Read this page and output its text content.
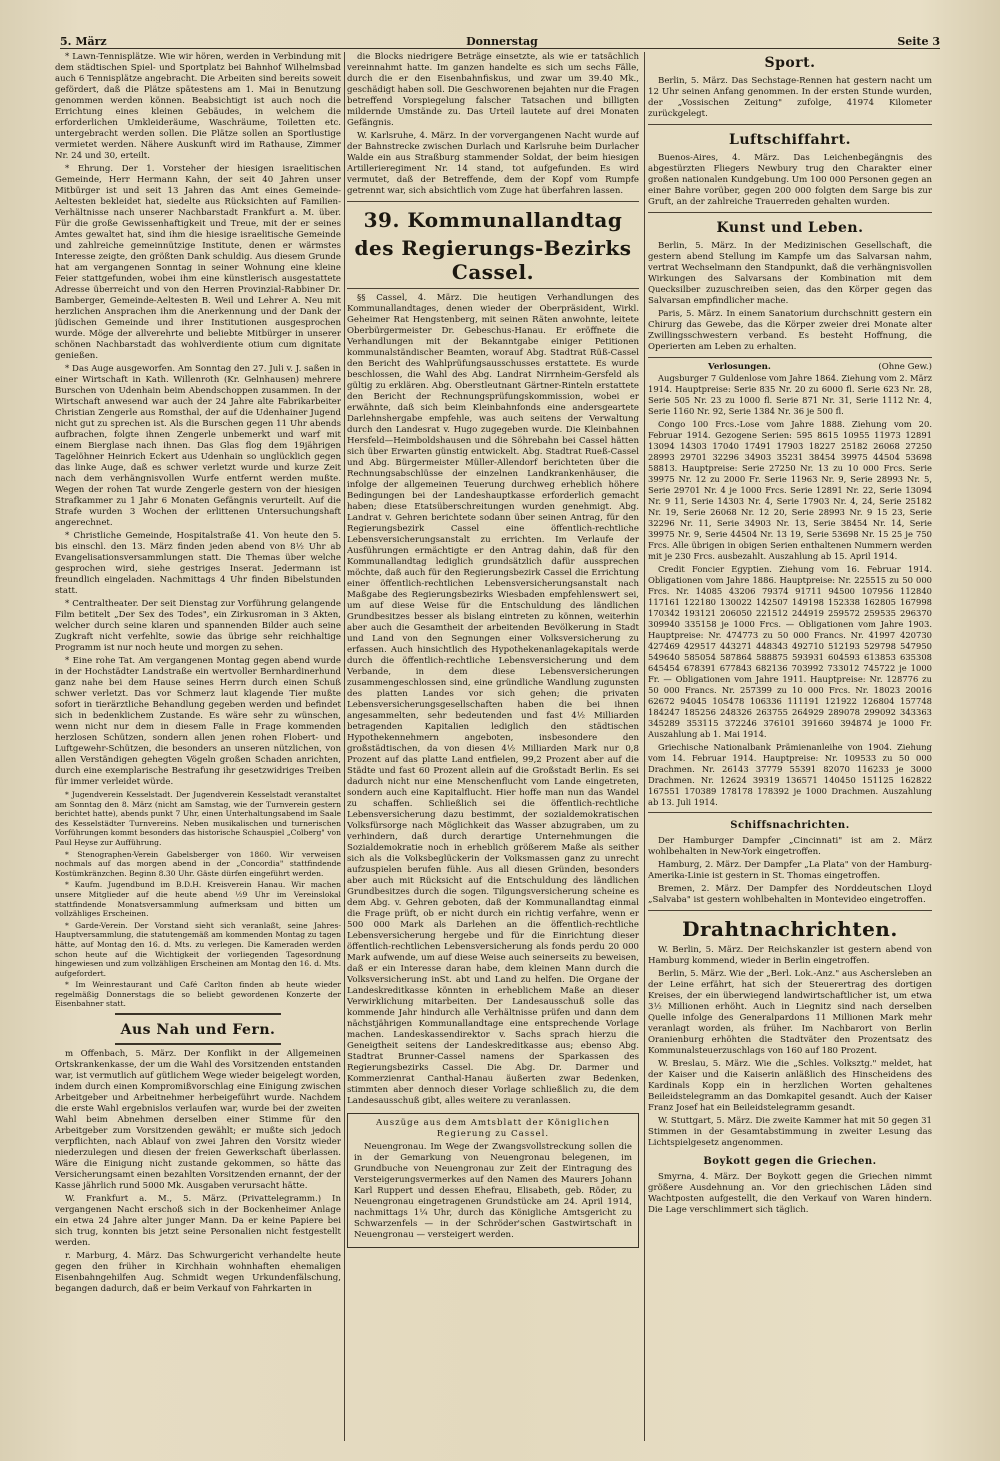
5. März	Donnerstag	Seite 3

* Lawn-Tennisplätze. Wie wir hören, werden in Verbindung mit dem städtischen Spiel- und Sportplatz bei Bahnhof Wilhelmsbad auch 6 Tennisplätze angebracht. Die Arbeiten sind bereits soweit gefördert, daß die Plätze spätestens am 1. Mai in Benutzung genommen werden können. Beabsichtigt ist auch noch die Errichtung eines kleinen Gebäudes, in welchem die erforderlichen Umkleideräume, Waschräume, Toiletten etc. untergebracht werden sollen. Die Plätze sollen an Sportlustige vermietet werden. Nähere Auskunft wird im Rathause, Zimmer Nr. 24 und 30, erteilt.

* Ehrung. Der 1. Vorsteher der hiesigen israelitischen Gemeinde, Herr Hermann Kahn, der seit 40 Jahren unser Mitbürger ist und seit 13 Jahren das Amt eines Gemeinde-Aeltesten bekleidet hat, siedelte aus Rücksichten auf Familien-Verhältnisse nach unserer Nachbarstadt Frankfurt a. M. über. Für die große Gewissenhaftigkeit und Treue, mit der er seines Amtes gewaltet hat, sind ihm die hiesige israelitische Gemeinde und zahlreiche gemeinnützige Institute, denen er wärmstes Interesse zeigte, den größten Dank schuldig. Aus diesem Grunde hat am vergangenen Sonntag in seiner Wohnung eine kleine Feier stattgefunden, wobei ihm eine künstlerisch ausgestattete Adresse überreicht und von den Herren Provinzial-Rabbiner Dr. Bamberger, Gemeinde-Aeltesten B. Weil und Lehrer A. Neu mit herzlichen Ansprachen ihm die Anerkennung und der Dank der jüdischen Gemeinde und ihrer Institutionen ausgesprochen wurde. Möge der allverehrte und beliebte Mitbürger in unserer schönen Nachbarstadt das wohlverdiente otium cum dignitate genießen.

* Das Auge ausgeworfen. Am Sonntag den 27. Juli v. J. saßen in einer Wirtschaft in Kath. Willenroth (Kr. Gelnhausen) mehrere Burschen von Udenhain beim Abendschoppen zusammen. In der Wirtschaft anwesend war auch der 24 Jahre alte Fabrikarbeiter Christian Zengerle aus Romsthal, der auf die Udenhainer Jugend nicht gut zu sprechen ist. Als die Burschen gegen 11 Uhr abends aufbrachen, folgte ihnen Zengerle unbemerkt und warf mit einem Bierglase nach ihnen. Das Glas flog dem 19jährigen Tagelöhner Heinrich Eckert aus Udenhain so unglücklich gegen das linke Auge, daß es schwer verletzt wurde und kurze Zeit nach dem verhängnisvollen Wurfe entfernt werden mußte. Wegen der rohen Tat wurde Zengerle gestern von der hiesigen Strafkammer zu 1 Jahr 6 Monaten Gefängnis verurteilt. Auf die Strafe wurden 3 Wochen der erlittenen Untersuchungshaft angerechnet.

* Christliche Gemeinde, Hospitalstraße 41. Von heute den 5. bis einschl. den 13. März finden jeden abend von 8½ Uhr ab Evangelisationsversammlungen statt. Die Themas über welche gesprochen wird, siehe gestriges Inserat. Jedermann ist freundlich eingeladen. Nachmittags 4 Uhr finden Bibelstunden statt.

* Centraltheater. Der seit Dienstag zur Vorführung gelangende Film betitelt „Der Sex des Todes", ein Zirkusroman in 3 Akten, welcher durch seine klaren und spannenden Bilder auch seine Zugkraft nicht verfehlte, sowie das übrige sehr reichhaltige Programm ist nur noch heute und morgen zu sehen.

* Eine rohe Tat. Am vergangenen Montag gegen abend wurde in der Hochstädter Landstraße ein wertvoller Bernhardinerhund ganz nahe bei dem Hause seines Herrn durch einen Schuß schwer verletzt. Das vor Schmerz laut klagende Tier mußte sofort in tierärztliche Behandlung gegeben werden und befindet sich in bedenklichem Zustande. Es wäre sehr zu wünschen, wenn nicht nur dem in diesem Falle in Frage kommenden herzlosen Schützen, sondern allen jenen rohen Flobert- und Luftgewehr-Schützen, die besonders an unseren nützlichen, von allen Verständigen gehegten Vögeln großen Schaden anrichten, durch eine exemplarische Bestrafung ihr gesetzwidriges Treiben für immer verleidet würde.

* Jugendverein Kesselstadt. Der Jugendverein Kesselstadt veranstaltet am Sonntag den 8. März (nicht am Samstag, wie der Turnverein gestern berichtet hatte), abends punkt 7 Uhr, einen Unterhaltungsabend im Saale des Kesselstädter Turnvereins. Neben musikalischen und turnerischen Vorführungen kommt besonders das historische Schauspiel „Colberg" von Paul Heyse zur Aufführung.

* Stenographen-Verein Gabelsberger von 1860. Wir verweisen nochmals auf das morgen abend in der „Concordia" stattfindende Kostümkränzchen. Beginn 8.30 Uhr. Gäste dürfen eingeführt werden.

* Kaufm. Jugendbund im B.D.H. Kreisverein Hanau. Wir machen unsere Mitglieder auf die heute abend ½9 Uhr im Vereinslokal stattfindende Monatsversammlung aufmerksam und bitten um vollzähliges Erscheinen.

* Garde-Verein. Der Vorstand sieht sich veranlaßt, seine Jahres-Hauptversammlung, die statutengemäß am kommenden Montag zu tagen hätte, auf Montag den 16. d. Mts. zu verlegen. Die Kameraden werden schon heute auf die Wichtigkeit der vorliegenden Tagesordnung hingewiesen und zum vollzähligen Erscheinen am Montag den 16. d. Mts. aufgefordert.

* Im Weinrestaurant und Café Carlton finden ab heute wieder regelmäßig Donnerstags die so beliebt gewordenen Konzerte der Eisenbahner statt.

Aus Nah und Fern.

m Offenbach, 5. März. Der Konflikt in der Allgemeinen Ortskrankenkasse, der um die Wahl des Vorsitzenden entstanden war, ist vermutlich auf gütlichem Wege wieder beigelegt worden, indem durch einen Kompromißvorschlag eine Einigung zwischen Arbeitgeber und Arbeitnehmer herbeigeführt wurde. Nachdem die erste Wahl ergebnislos verlaufen war, wurde bei der zweiten Wahl beim Abnehmen derselben einer Stimme für den Arbeitgeber zum Vorsitzenden gewählt; er mußte sich jedoch verpflichten, nach Ablauf von zwei Jahren den Vorsitz wieder niederzulegen und diesen der freien Gewerkschaft überlassen. Wäre die Einigung nicht zustande gekommen, so hätte das Versicherungsamt einen bezahlten Vorsitzenden ernannt, der der Kasse jährlich rund 5000 Mk. Ausgaben verursacht hätte.

W. Frankfurt a. M., 5. März. (Privattelegramm.) In vergangenen Nacht erschoß sich in der Bockenheimer Anlage ein etwa 24 Jahre alter junger Mann. Da er keine Papiere bei sich trug, konnten bis jetzt seine Personalien nicht festgestellt werden.

r. Marburg, 4. März. Das Schwurgericht verhandelte heute gegen den früher in Kirchhain wohnhaften ehemaligen Eisenbahngehilfen Aug. Schmidt wegen Urkundenfälschung, begangen dadurch, daß er beim Verkauf von Fahrkarten in

die Blocks niedrigere Beträge einsetzte, als wie er tatsächlich vereinnahmt hatte. Im ganzen handelte es sich um sechs Fälle, durch die er den Eisenbahnfiskus, und zwar um 39.40 Mk., geschädigt haben soll. Die Geschworenen bejahten nur die Fragen betreffend Vorspiegelung falscher Tatsachen und billigten mildernde Umstände zu. Das Urteil lautete auf drei Monaten Gefängnis.

W. Karlsruhe, 4. März. In der vorvergangenen Nacht wurde auf der Bahnstrecke zwischen Durlach und Karlsruhe beim Durlacher Walde ein aus Straßburg stammender Soldat, der beim hiesigen Artillerieregiment Nr. 14 stand, tot aufgefunden. Es wird vermutet, daß der Betreffende, dem der Kopf vom Rumpfe getrennt war, sich absichtlich vom Zuge hat überfahren lassen.

39. Kommunallandtag
des Regierungs-Bezirks Cassel.

§§ Cassel, 4. März. Die heutigen Verhandlungen des Kommunallandtages, denen wieder der Oberpräsident, Wirkl. Geheimer Rat Hengstenberg, mit seinen Räten anwohnte, leitete Oberbürgermeister Dr. Gebeschus-Hanau. Er eröffnete die Verhandlungen mit der Bekanntgabe einiger Petitionen kommunalständischer Beamten, worauf Abg. Stadtrat Rüß-Cassel den Bericht des Wahlprüfungsausschusses erstattete. Es wurde beschlossen, die Wahl des Abg. Landrat Nirrnheim-Gersfeld als gültig zu erklären. Abg. Oberstleutnant Gärtner-Rinteln erstattete den Bericht der Rechnungsprüfungskommission, wobei er erwähnte, daß sich beim Kleinbahnfonds eine andersgeartete Darlehnshergabe empfehle, was auch seitens der Verwaltung durch den Landesrat v. Hugo zugegeben wurde. Die Kleinbahnen Hersfeld—Heimboldshausen und die Söhrebahn bei Cassel hätten sich über Erwarten günstig entwickelt. Abg. Stadtrat Rueß-Cassel und Abg. Bürgermeister Müller-Allendorf berichteten über die Rechnungsabschlüsse der einzelnen Landkrankenhäuser, die infolge der allgemeinen Teuerung durchweg erheblich höhere Bedingungen bei der Landeshauptkasse erforderlich gemacht haben; diese Etatsüberschreitungen wurden genehmigt. Abg. Landrat v. Gehren berichtete sodann über seinen Antrag, für den Regierungsbezirk Cassel eine öffentlich-rechtliche Lebensversicherungsanstalt zu errichten. Im Verlaufe der Ausführungen ermächtigte er den Antrag dahin, daß für den Kommunallandtag lediglich grundsätzlich dafür aussprechen möchte, daß auch für den Regierungsbezirk Cassel die Errichtung einer öffentlich-rechtlichen Lebensversicherungsanstalt nach Maßgabe des Regierungsbezirks Wiesbaden empfehlenswert sei, um auf diese Weise für die Entschuldung des ländlichen Grundbesitzes besser als bislang eintreten zu können, weiterhin aber auch die Gesamtheit der arbeitenden Bevölkerung in Stadt und Land von den Segnungen einer Volksversicherung zu erfassen. Auch hinsichtlich des Hypothekenanlagekapitals werde durch die öffentlich-rechtliche Lebensversicherung und dem Verbande, in dem diese Lebensversicherungen zusammengeschlossen sind, eine gründliche Wandlung zugunsten des platten Landes vor sich gehen; die privaten Lebensversicherungsgesellschaften haben die bei ihnen angesammelten, sehr bedeutenden und fast 4½ Milliarden betragenden Kapitalien lediglich den städtischen Hypothekennehmern angeboten, insbesondere den großstädtischen, da von diesen 4½ Milliarden Mark nur 0,8 Prozent auf das platte Land entfielen, 99,2 Prozent aber auf die Städte und fast 60 Prozent allein auf die Großstadt Berlin. Es sei dadurch nicht nur eine Menschenflucht vom Lande eingetreten, sondern auch eine Kapitalflucht. Hier hoffe man nun das Wandel zu schaffen. Schließlich sei die öffentlich-rechtliche Lebensversicherung dazu bestimmt, der sozialdemokratischen Volksfürsorge nach Möglichkeit das Wasser abzugraben, um zu verhindern, daß durch derartige Unternehmungen die Sozialdemokratie noch in erheblich größerem Maße als seither sich als die Volksbeglückerin der Volksmassen ganz zu unrecht aufzuspielen berufen fühle. Aus all diesen Gründen, besonders aber auch mit Rücksicht auf die Entschuldung des ländlichen Grundbesitzes durch die sogen. Tilgungsversicherung scheine es dem Abg. v. Gehren geboten, daß der Kommunallandtag einmal die Frage prüft, ob er nicht durch ein richtig verfahre, wenn er 500 000 Mark als Darlehen an die öffentlich-rechtliche Lebensversicherung hergebe und für die Einrichtung dieser öffentlich-rechtlichen Lebensversicherung als fonds perdu 20 000 Mark aufwende, um auf diese Weise auch seinerseits zu beweisen, daß er ein Interesse daran habe, dem kleinen Mann durch die Volksversicherung inSt. abt und Land zu helfen. Die Organe der Landeskreditkasse könnten in erheblichem Maße an dieser Verwirklichung mitarbeiten. Der Landesausschuß solle das kommende Jahr hindurch alle Verhältnisse prüfen und dann dem nächstjährigen Kommunallandtage eine entsprechende Vorlage machen. Landeskassendirektor v. Sachs sprach hierzu die Geneigtheit seitens der Landeskreditkasse aus; ebenso Abg. Stadtrat Brunner-Cassel namens der Sparkassen des Regierungsbezirks Cassel. Die Abg. Dr. Darmer und Kommerzienrat Canthal-Hanau äußerten zwar Bedenken, stimmten aber dennoch dieser Vorlage schließlich zu, die dem Landesausschuß gibt, alles weitere zu veranlassen.

Auszüge aus dem Amtsblatt der Königlichen
Regierung zu Cassel.

Neuengronau. Im Wege der Zwangsvollstreckung sollen die in der Gemarkung von Neuengronau belegenen, im Grundbuche von Neuengronau zur Zeit der Eintragung des Versteigerungsvermerkes auf den Namen des Maurers Johann Karl Ruppert und dessen Ehefrau, Elisabeth, geb. Röder, zu Neuengronau eingetragenen Grundstücke am 24. April 1914, nachmittags 1¼ Uhr, durch das Königliche Amtsgericht zu Schwarzenfels — in der Schröder'schen Gastwirtschaft in Neuengronau — versteigert werden.

Sport.

Berlin, 5. März. Das Sechstage-Rennen hat gestern nacht um 12 Uhr seinen Anfang genommen. In der ersten Stunde wurden, der „Vossischen Zeitung" zufolge, 41974 Kilometer zurückgelegt.

Luftschiffahrt.

Buenos-Aires, 4. März. Das Leichenbegängnis des abgestürzten Fliegers Newbury trug den Charakter einer großen nationalen Kundgebung. Um 100 000 Personen gegen an einer Bahre vorüber, gegen 200 000 folgten dem Sarge bis zur Gruft, an der zahlreiche Trauerreden gehalten wurden.

Kunst und Leben.

Berlin, 5. März. In der Medizinischen Gesellschaft, die gestern abend Stellung im Kampfe um das Salvarsan nahm, vertrat Wechselmann den Standpunkt, daß die verhängnisvollen Wirkungen des Salvarsans der Kombination mit dem Quecksilber zuzuschreiben seien, das den Körper gegen das Salvarsan empfindlicher mache.

Paris, 5. März. In einem Sanatorium durchschnitt gestern ein Chirurg das Gewebe, das die Körper zweier drei Monate alter Zwillingsschwestern verband. Es besteht Hoffnung, die Operierten am Leben zu erhalten.

Verlosungen.	(Ohne Gew.)

Augsburger 7 Guldenlose vom Jahre 1864. Ziehung vom 2. März 1914. Hauptpreise: Serie 835 Nr. 20 zu 6000 fl. Serie 623 Nr. 28, Serie 505 Nr. 23 zu 1000 fl. Serie 871 Nr. 31, Serie 1112 Nr. 4, Serie 1160 Nr. 92, Serie 1384 Nr. 36 je 500 fl.

Congo 100 Frcs.-Lose vom Jahre 1888. Ziehung vom 20. Februar 1914. Gezogene Serien: 595 8615 10955 11973 12891 13094 14303 17040 17491 17903 18227 25182 26068 27250 28993 29701 32296 34903 35231 38454 39975 44504 53698 58813. Hauptpreise: Serie 27250 Nr. 13 zu 10 000 Frcs. Serie 39975 Nr. 12 zu 2000 Fr. Serie 11963 Nr. 9, Serie 28993 Nr. 5, Serie 29701 Nr. 4 je 1000 Frcs. Serie 12891 Nr. 22, Serie 13094 Nr. 9 11, Serie 14303 Nr. 4, Serie 17903 Nr. 4, 24, Serie 25182 Nr. 19, Serie 26068 Nr. 12 20, Serie 28993 Nr. 9 15 23, Serie 32296 Nr. 11, Serie 34903 Nr. 13, Serie 38454 Nr. 14, Serie 39975 Nr. 9, Serie 44504 Nr. 13 19, Serie 53698 Nr. 15 25 je 750 Frcs. Alle übrigen in obigen Serien enthaltenen Nummern werden mit je 230 Frcs. ausbezahlt. Auszahlung ab 15. April 1914.

Credit Foncier Egyptien. Ziehung vom 16. Februar 1914. Obligationen vom Jahre 1886. Hauptpreise: Nr. 225515 zu 50 000 Frcs. Nr. 14085 43206 79374 91711 94500 107956 112840 117161 122180 130022 142507 149198 152338 162805 167998 170342 193121 206050 221512 244919 259572 259535 296370 309940 335158 je 1000 Frcs. — Obligationen vom Jahre 1903. Hauptpreise: Nr. 474773 zu 50 000 Francs. Nr. 41997 420730 427469 429517 443271 448343 492710 512193 529798 547950 549640 585054 587864 588875 593931 604593 613853 635308 645454 678391 677843 682136 703992 733012 745722 je 1000 Fr. — Obligationen vom Jahre 1911. Hauptpreise: Nr. 128776 zu 50 000 Francs. Nr. 257399 zu 10 000 Frcs. Nr. 18023 20016 62672 94045 105478 106336 111191 121922 126804 157748 184247 185256 248326 263755 264929 289078 299092 343363 345289 353115 372246 376101 391660 394874 je 1000 Fr. Auszahlung ab 1. Mai 1914.

Griechische Nationalbank Prämienanleihe von 1904. Ziehung vom 14. Februar 1914. Hauptpreise: Nr. 109533 zu 50 000 Drachmen. Nr. 26143 37779 55391 82070 116233 je 3000 Drachmen. Nr. 12624 39319 136571 140450 151125 162822 167551 170389 178178 178392 je 1000 Drachmen. Auszahlung ab 13. Juli 1914.

Schiffsnachrichten.

Der Hamburger Dampfer „Cincinnati" ist am 2. März wohlbehalten in New-York eingetroffen.

Hamburg, 2. März. Der Dampfer „La Plata" von der Hamburg-Amerika-Linie ist gestern in St. Thomas eingetroffen.

Bremen, 2. März. Der Dampfer des Norddeutschen Lloyd „Salvaba" ist gestern wohlbehalten in Montevideo eingetroffen.

Drahtnachrichten.

W. Berlin, 5. März. Der Reichskanzler ist gestern abend von Hamburg kommend, wieder in Berlin eingetroffen.

Berlin, 5. März. Wie der „Berl. Lok.-Anz." aus Aschersleben an der Leine erfährt, hat sich der Steuerertrag des dortigen Kreises, der ein überwiegend landwirtschaftlicher ist, um etwa 3½ Millionen erhöht. Auch in Liegnitz sind nach derselben Quelle infolge des Generalpardons 11 Millionen Mark mehr veranlagt worden, als früher. Im Nachbarort von Berlin Oranienburg erhöhten die Stadtväter den Prozentsatz des Kommunalsteuerzuschlags von 160 auf 180 Prozent.

W. Breslau, 5. März. Wie die „Schles. Volksztg." meldet, hat der Kaiser und die Kaiserin anläßlich des Hinscheidens des Kardinals Kopp ein in herzlichen Worten gehaltenes Beileidstelegramm an das Domkapitel gesandt. Auch der Kaiser Franz Josef hat ein Beileidstelegramm gesandt.

W. Stuttgart, 5. März. Die zweite Kammer hat mit 50 gegen 31 Stimmen in der Gesamtabstimmung in zweiter Lesung das Lichtspielgesetz angenommen.

Boykott gegen die Griechen.

Smyrna, 4. März. Der Boykott gegen die Griechen nimmt größere Ausdehnung an. Vor den griechischen Läden sind Wachtposten aufgestellt, die den Verkauf von Waren hindern. Die Lage verschlimmert sich täglich.
